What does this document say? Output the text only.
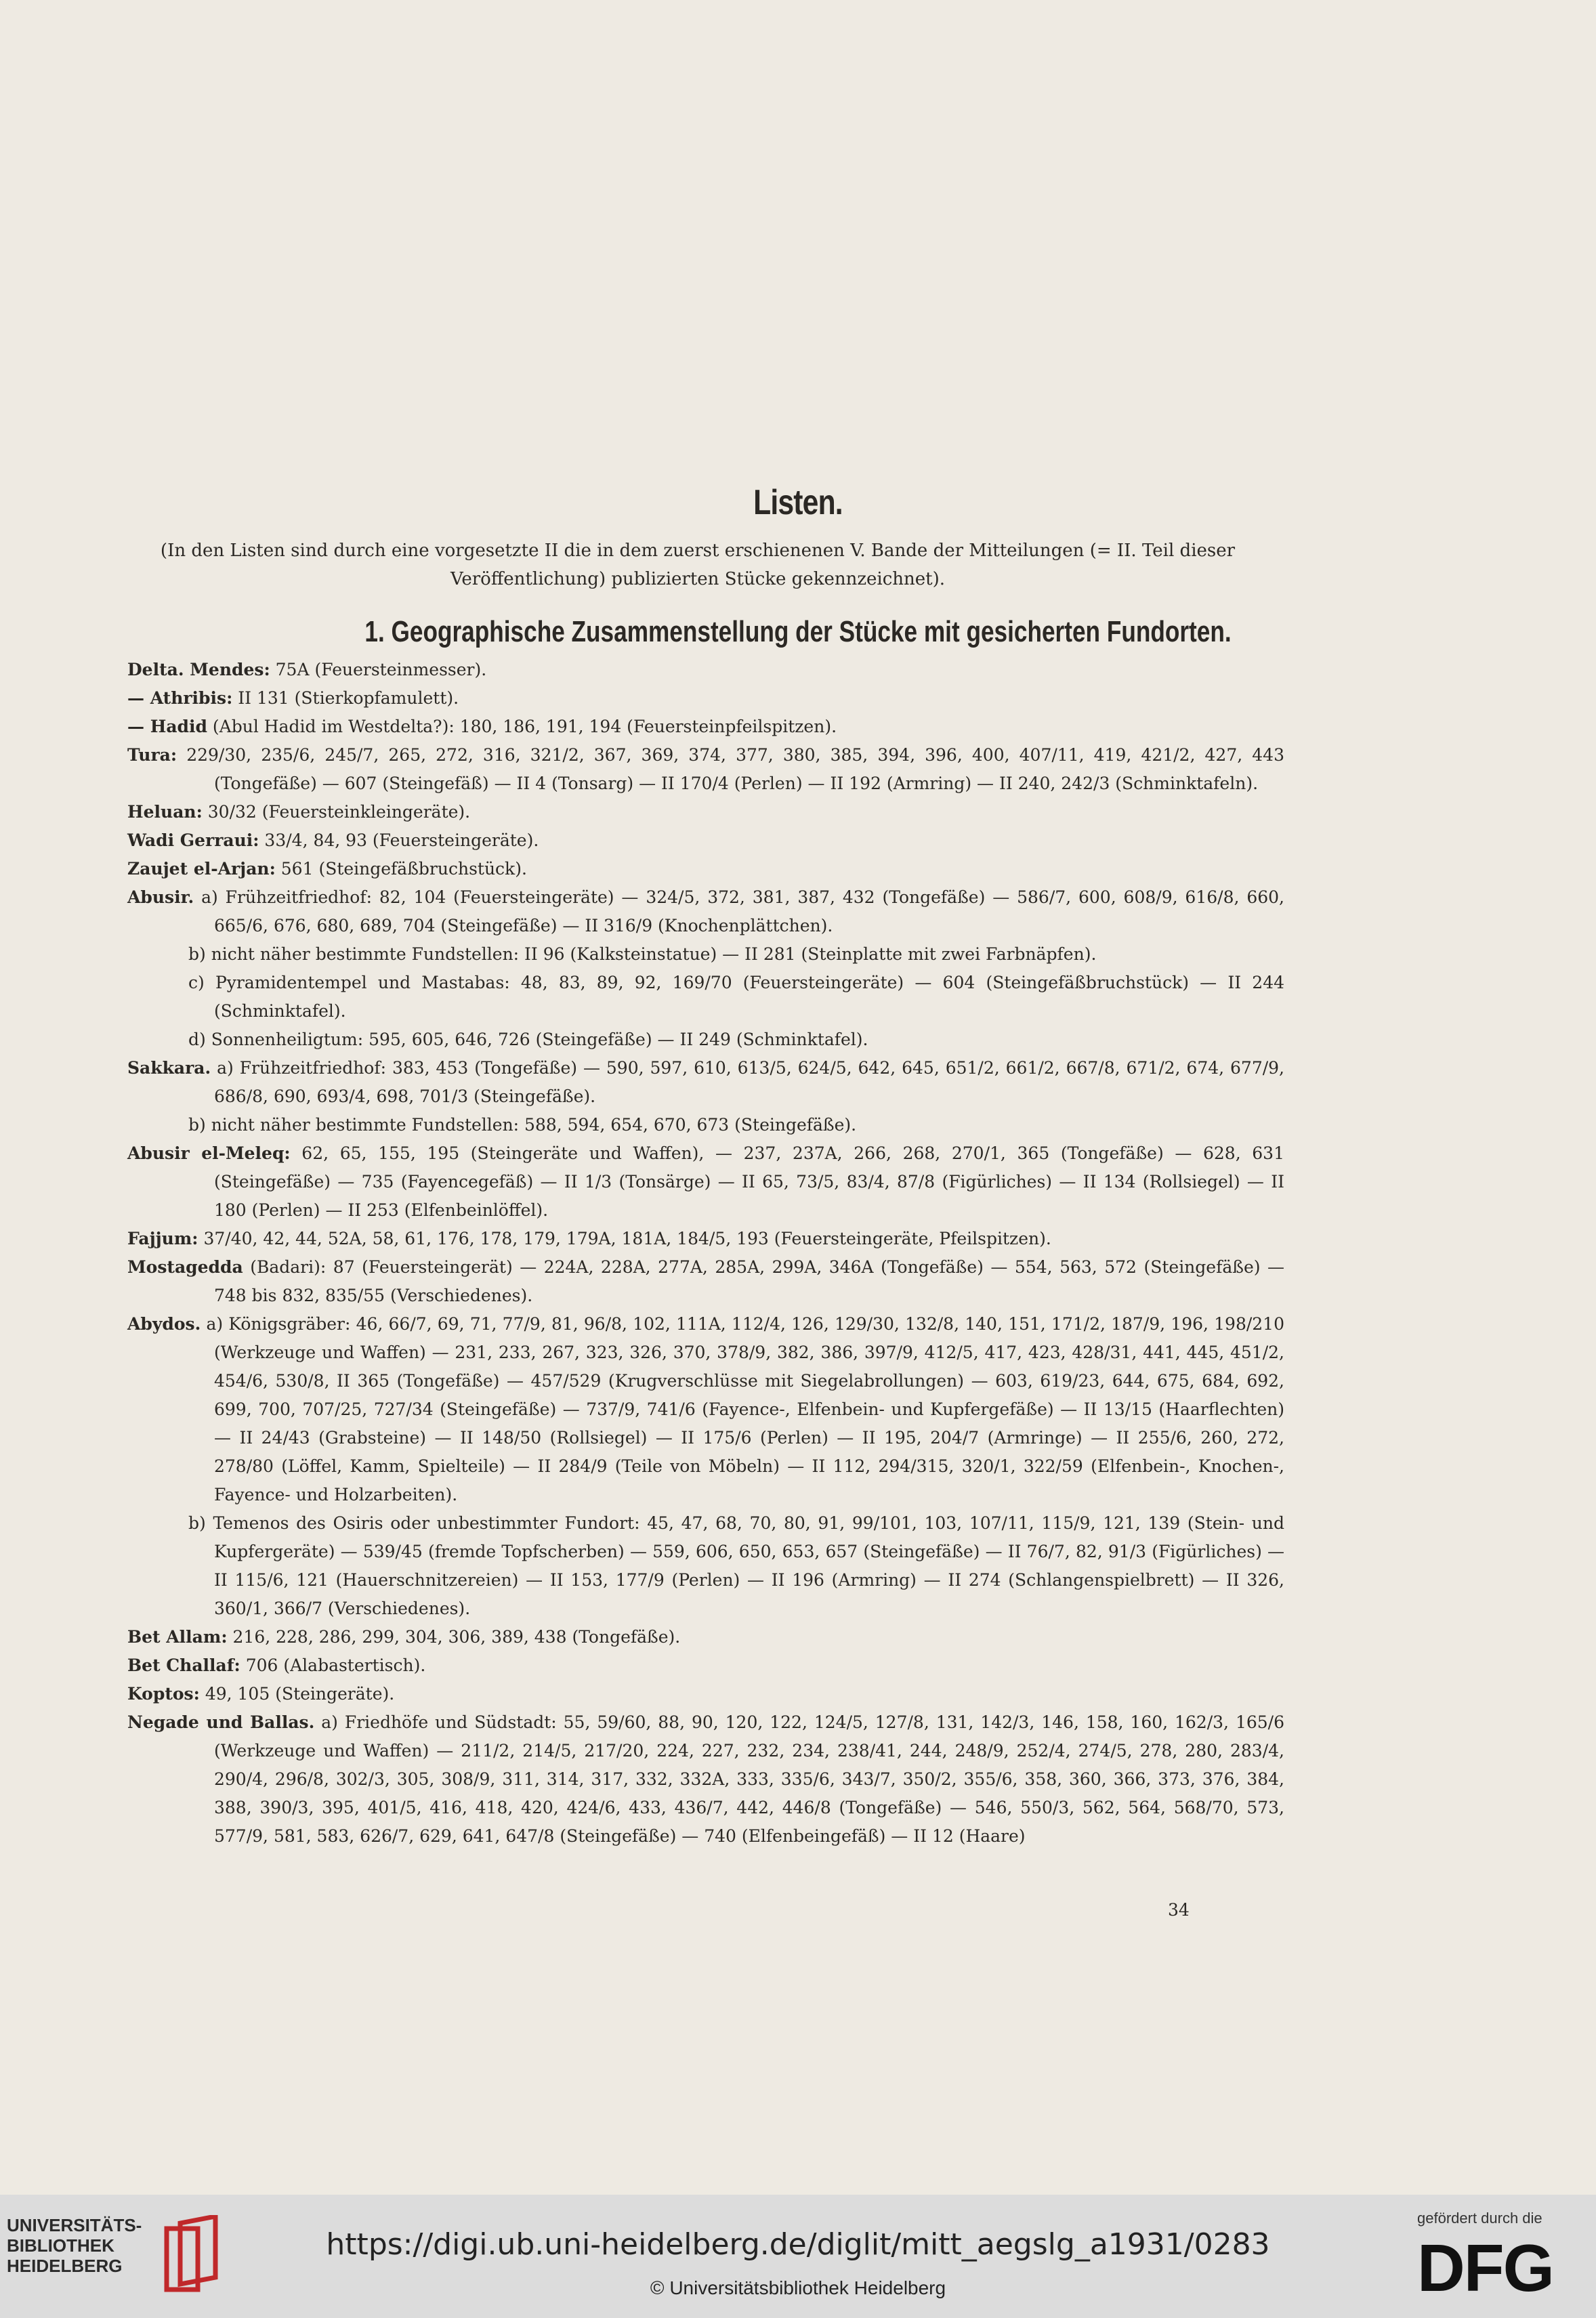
Listen.
(In den Listen sind durch eine vorgesetzte II die in dem zuerst erschienenen V. Bande der Mitteilungen (= II. Teil dieser Veröffentlichung) publizierten Stücke gekennzeichnet).
1. Geographische Zusammenstellung der Stücke mit gesicherten Fundorten.
Delta. Mendes: 75A (Feuersteinmesser).
— Athribis: II 131 (Stierkopfamulett).
— Hadid (Abul Hadid im Westdelta?): 180, 186, 191, 194 (Feuersteinpfeilspitzen).
Tura: 229/30, 235/6, 245/7, 265, 272, 316, 321/2, 367, 369, 374, 377, 380, 385, 394, 396, 400, 407/11, 419, 421/2, 427, 443 (Tongefäße) — 607 (Steingefäß) — II 4 (Tonsarg) — II 170/4 (Perlen) — II 192 (Armring) — II 240, 242/3 (Schminktafeln).
Heluan: 30/32 (Feuersteinkleingeräte).
Wadi Gerraui: 33/4, 84, 93 (Feuersteingeräte).
Zaujet el-Arjan: 561 (Steingefäßbruchstück).
Abusir. a) Frühzeitfriedhof: 82, 104 (Feuersteingeräte) — 324/5, 372, 381, 387, 432 (Tongefäße) — 586/7, 600, 608/9, 616/8, 660, 665/6, 676, 680, 689, 704 (Steingefäße) — II 316/9 (Knochenplättchen).
b) nicht näher bestimmte Fundstellen: II 96 (Kalksteinstatue) — II 281 (Steinplatte mit zwei Farbnäpfen).
c) Pyramidentempel und Mastabas: 48, 83, 89, 92, 169/70 (Feuersteingeräte) — 604 (Steingefäßbruchstück) — II 244 (Schminktafel).
d) Sonnenheiligtum: 595, 605, 646, 726 (Steingefäße) — II 249 (Schminktafel).
Sakkara. a) Frühzeitfriedhof: 383, 453 (Tongefäße) — 590, 597, 610, 613/5, 624/5, 642, 645, 651/2, 661/2, 667/8, 671/2, 674, 677/9, 686/8, 690, 693/4, 698, 701/3 (Steingefäße).
b) nicht näher bestimmte Fundstellen: 588, 594, 654, 670, 673 (Steingefäße).
Abusir el-Meleq: 62, 65, 155, 195 (Steingeräte und Waffen), — 237, 237A, 266, 268, 270/1, 365 (Tongefäße) — 628, 631 (Steingefäße) — 735 (Fayencegefäß) — II 1/3 (Tonsärge) — II 65, 73/5, 83/4, 87/8 (Figürliches) — II 134 (Rollsiegel) — II 180 (Perlen) — II 253 (Elfenbeinlöffel).
Fajjum: 37/40, 42, 44, 52A, 58, 61, 176, 178, 179, 179A, 181A, 184/5, 193 (Feuersteingeräte, Pfeilspitzen).
Mostagedda (Badari): 87 (Feuersteingerät) — 224A, 228A, 277A, 285A, 299A, 346A (Tongefäße) — 554, 563, 572 (Steingefäße) — 748 bis 832, 835/55 (Verschiedenes).
Abydos. a) Königsgräber: 46, 66/7, 69, 71, 77/9, 81, 96/8, 102, 111A, 112/4, 126, 129/30, 132/8, 140, 151, 171/2, 187/9, 196, 198/210 (Werkzeuge und Waffen) — 231, 233, 267, 323, 326, 370, 378/9, 382, 386, 397/9, 412/5, 417, 423, 428/31, 441, 445, 451/2, 454/6, 530/8, II 365 (Tongefäße) — 457/529 (Krugverschlüsse mit Siegelabrollungen) — 603, 619/23, 644, 675, 684, 692, 699, 700, 707/25, 727/34 (Steingefäße) — 737/9, 741/6 (Fayence-, Elfenbein- und Kupfergefäße) — II 13/15 (Haarflechten) — II 24/43 (Grabsteine) — II 148/50 (Rollsiegel) — II 175/6 (Perlen) — II 195, 204/7 (Armringe) — II 255/6, 260, 272, 278/80 (Löffel, Kamm, Spielteile) — II 284/9 (Teile von Möbeln) — II 112, 294/315, 320/1, 322/59 (Elfenbein-, Knochen-, Fayence- und Holzarbeiten).
b) Temenos des Osiris oder unbestimmter Fundort: 45, 47, 68, 70, 80, 91, 99/101, 103, 107/11, 115/9, 121, 139 (Stein- und Kupfergeräte) — 539/45 (fremde Topfscherben) — 559, 606, 650, 653, 657 (Steingefäße) — II 76/7, 82, 91/3 (Figürliches) — II 115/6, 121 (Hauerschnitzereien) — II 153, 177/9 (Perlen) — II 196 (Armring) — II 274 (Schlangenspielbrett) — II 326, 360/1, 366/7 (Verschiedenes).
Bet Allam: 216, 228, 286, 299, 304, 306, 389, 438 (Tongefäße).
Bet Challaf: 706 (Alabastertisch).
Koptos: 49, 105 (Steingeräte).
Negade und Ballas. a) Friedhöfe und Südstadt: 55, 59/60, 88, 90, 120, 122, 124/5, 127/8, 131, 142/3, 146, 158, 160, 162/3, 165/6 (Werkzeuge und Waffen) — 211/2, 214/5, 217/20, 224, 227, 232, 234, 238/41, 244, 248/9, 252/4, 274/5, 278, 280, 283/4, 290/4, 296/8, 302/3, 305, 308/9, 311, 314, 317, 332, 332A, 333, 335/6, 343/7, 350/2, 355/6, 358, 360, 366, 373, 376, 384, 388, 390/3, 395, 401/5, 416, 418, 420, 424/6, 433, 436/7, 442, 446/8 (Tongefäße) — 546, 550/3, 562, 564, 568/70, 573, 577/9, 581, 583, 626/7, 629, 641, 647/8 (Steingefäße) — 740 (Elfenbeingefäß) — II 12 (Haare)
34
UNIVERSITÄTS-
BIBLIOTHEK
HEIDELBERG
https://digi.ub.uni-heidelberg.de/diglit/mitt_aegslg_a1931/0283
© Universitätsbibliothek Heidelberg
gefördert durch die
DFG
